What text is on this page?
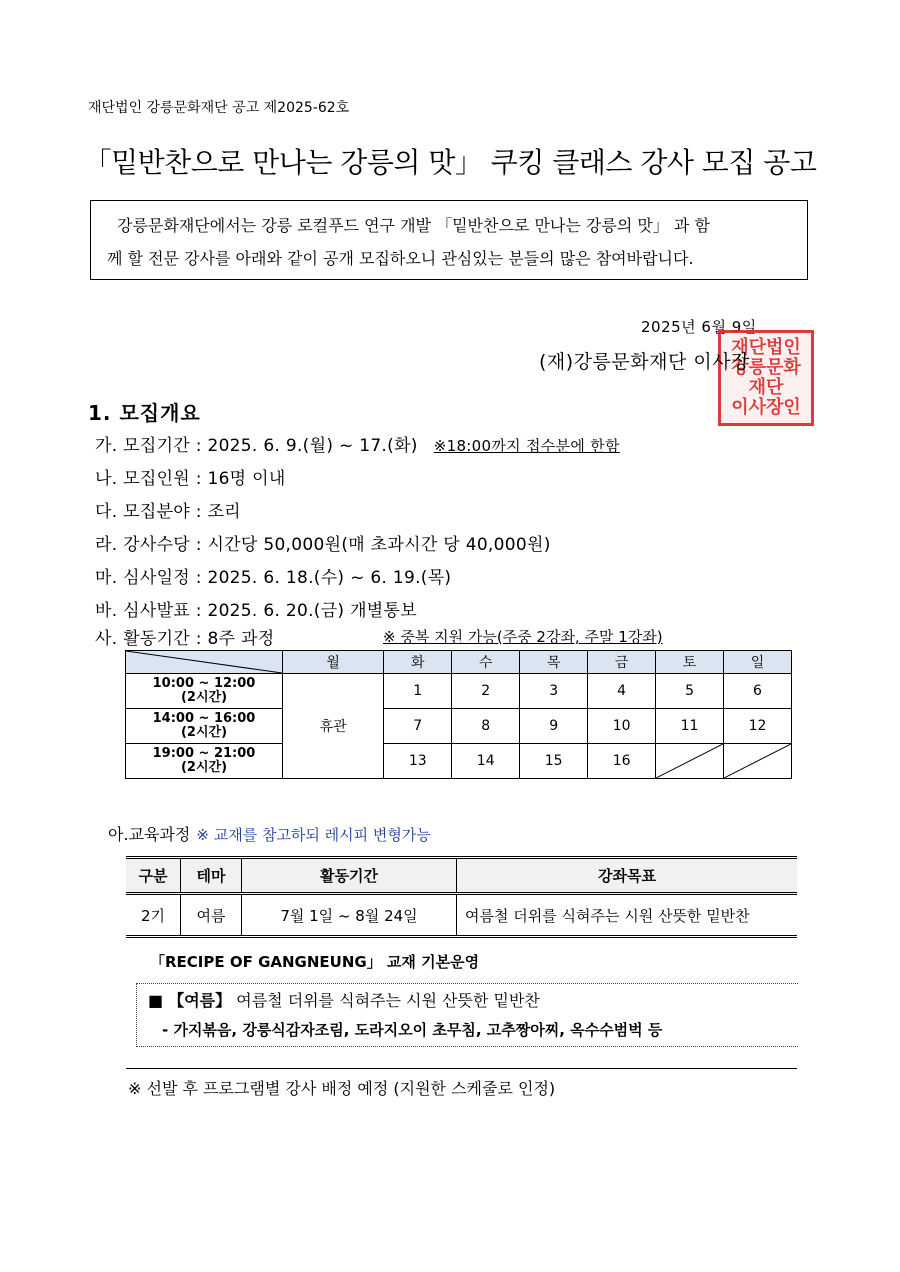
재단법인 강릉문화재단 공고 제2025-62호
「밑반찬으로 만나는 강릉의 맛」 쿠킹 클래스 강사 모집 공고
강릉문화재단에서는 강릉 로컬푸드 연구 개발 「밑반찬으로 만나는 강릉의 맛」 과 함
께 할 전문 강사를 아래와 같이 공개 모집하오니 관심있는 분들의 많은 참여바랍니다.
2025년 6월 9일
재단법인
강릉문화재단
이사장인
(재)강릉문화재단 이사장
1. 모집개요
가. 모집기간 : 2025. 6. 9.(월) ~ 17.(화) ※18:00까지 접수분에 한함
나. 모집인원 : 16명 이내
다. 모집분야 : 조리
라. 강사수당 : 시간당 50,000원(매 초과시간 당 40,000원)
마. 심사일정 : 2025. 6. 18.(수) ~ 6. 19.(목)
바. 심사발표 : 2025. 6. 20.(금) 개별통보
사. 활동기간 : 8주 과정	※ 중복 지원 가능(주중 2강좌, 주말 1강좌)
	월	화	수	목	금	토	일
10:00 ~ 12:00
(2시간)	휴관	1	2	3	4	5	6
14:00 ~ 16:00
(2시간)		7	8	9	10	11	12
19:00 ~ 21:00
(2시간)		13	14	15	16	

아.교육과정 ※ 교재를 참고하되 레시피 변형가능
구분	테마	활동기간	강좌목표
2기	여름	7월 1일 ~ 8월 24일	여름철 더위를 식혀주는 시원 산뜻한 밑반찬
「RECIPE OF GANGNEUNG」 교재 기본운영
■ 【여름】 여름철 더위를 식혀주는 시원 산뜻한 밑반찬
- 가지볶음, 강릉식감자조림, 도라지오이 초무침, 고추짱아찌, 옥수수범벅 등
※ 선발 후 프로그램별 강사 배정 예정 (지원한 스케줄로 인정)
